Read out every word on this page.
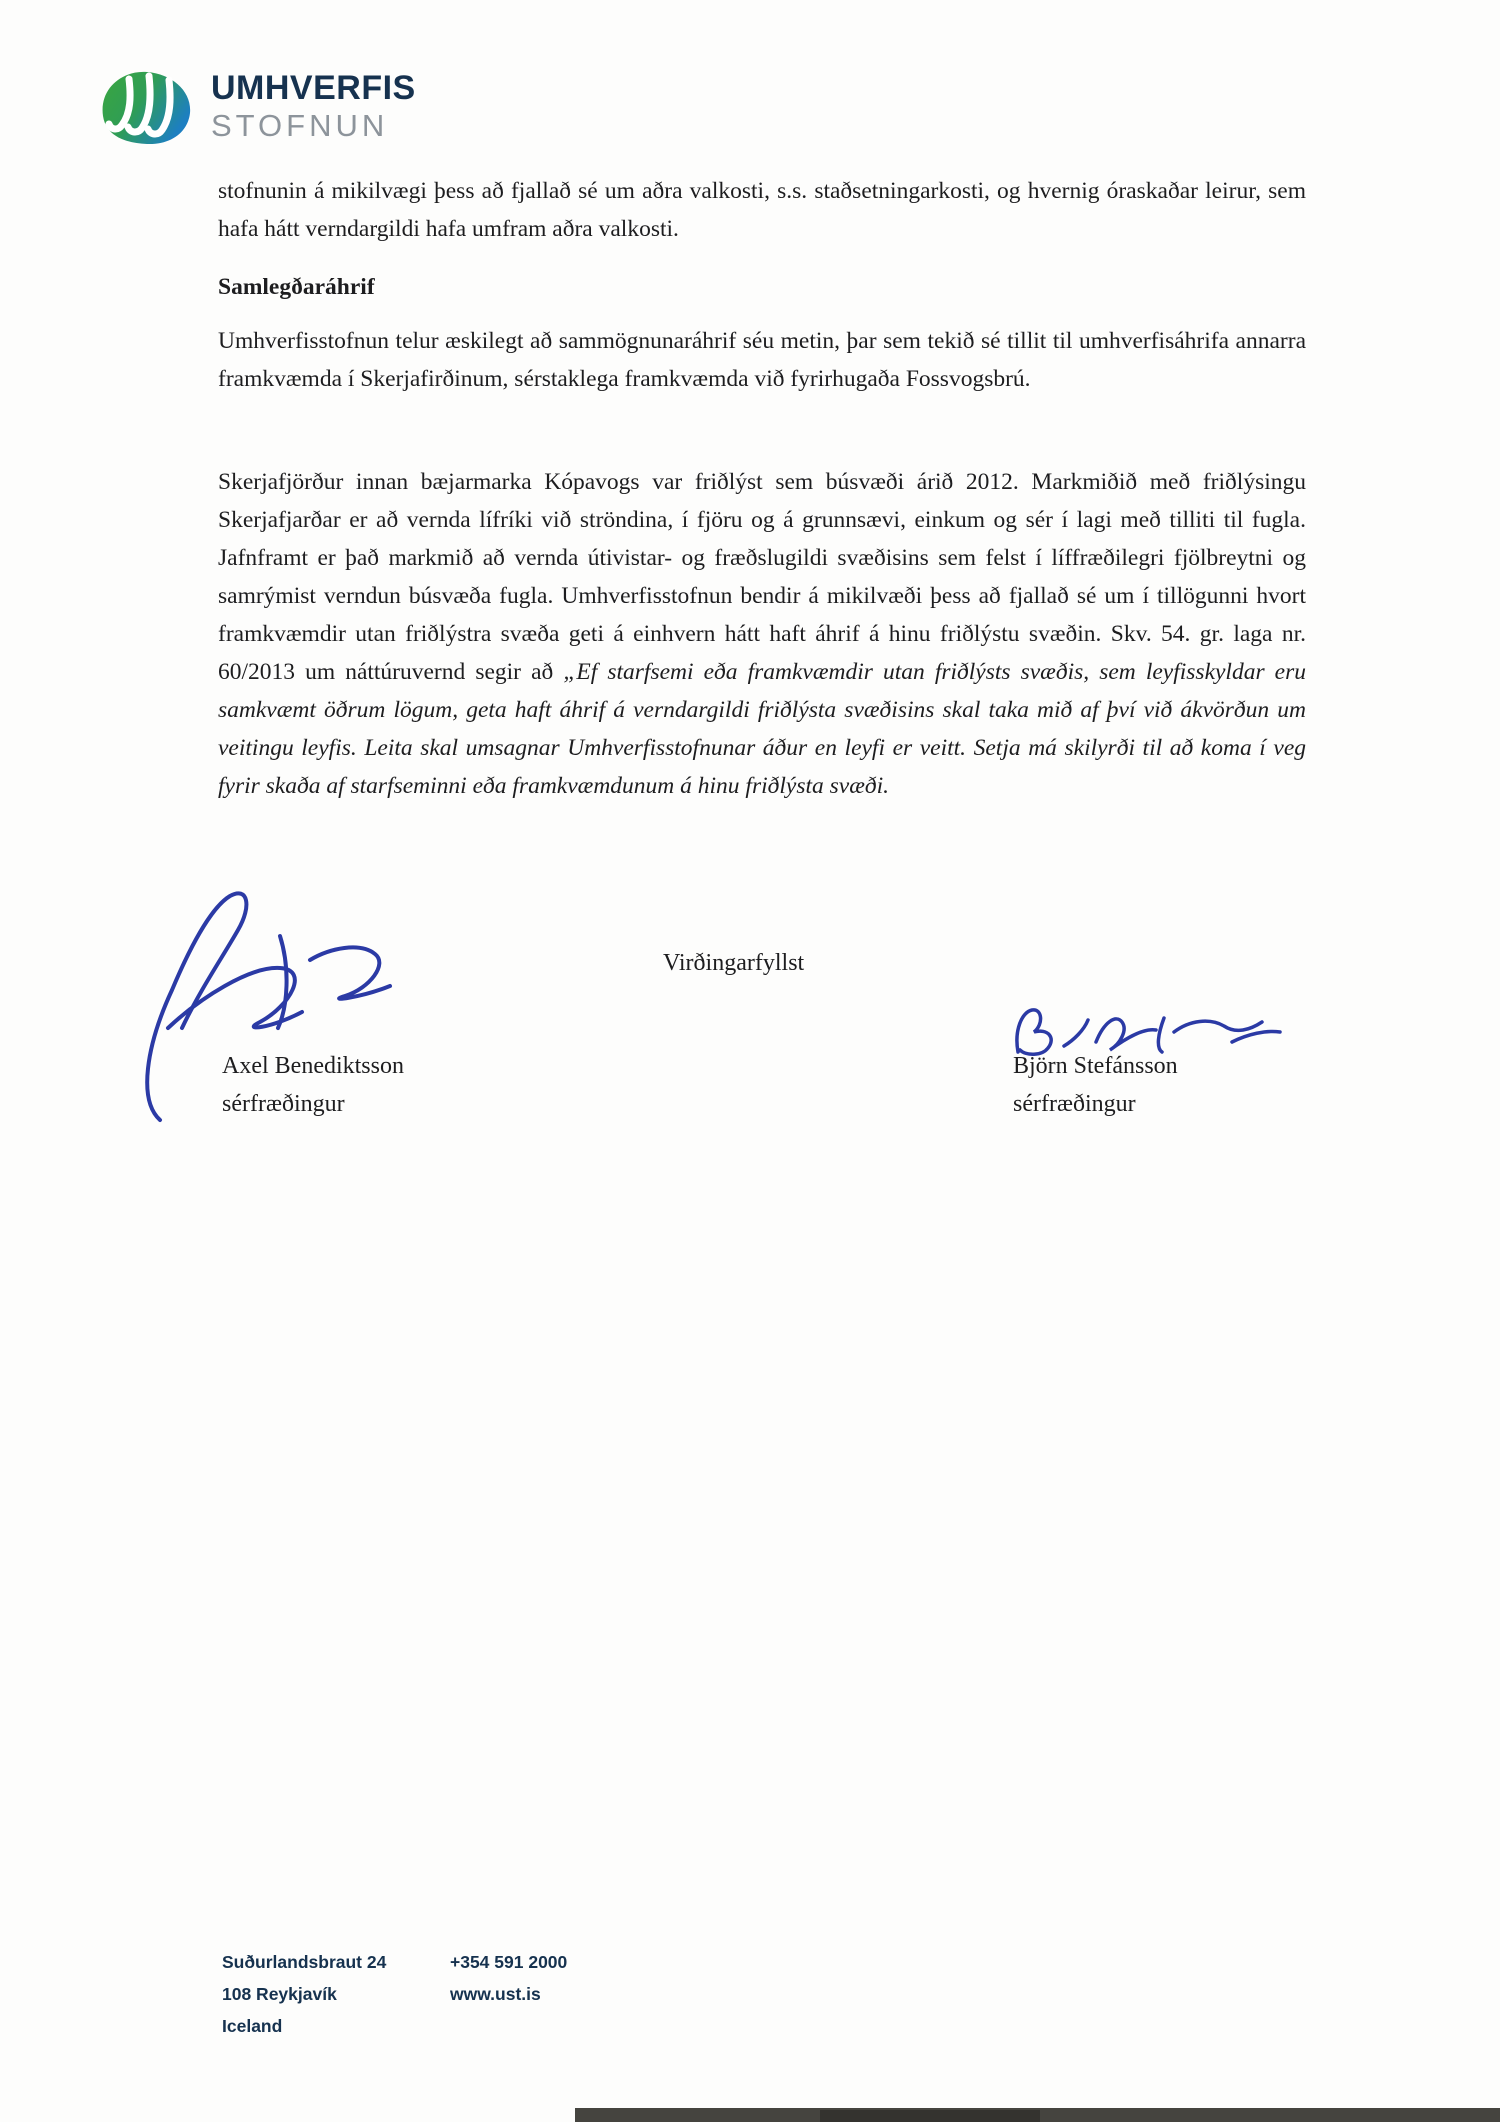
UMHVERFIS
STOFNUN

stofnunin á mikilvægi þess að fjallað sé um aðra valkosti, s.s. staðsetningarkosti, og hvernig óraskaðar leirur, sem hafa hátt verndargildi hafa umfram aðra valkosti.

Samlegðaráhrif

Umhverfisstofnun telur æskilegt að sammögnunaráhrif séu metin, þar sem tekið sé tillit til umhverfisáhrifa annarra framkvæmda í Skerjafirðinum, sérstaklega framkvæmda við fyrirhugaða Fossvogsbrú.

Skerjafjörður innan bæjarmarka Kópavogs var friðlýst sem búsvæði árið 2012. Markmiðið með friðlýsingu Skerjafjarðar er að vernda lífríki við ströndina, í fjöru og á grunnsævi, einkum og sér í lagi með tilliti til fugla. Jafnframt er það markmið að vernda útivistar- og fræðslugildi svæðisins sem felst í líffræðilegri fjölbreytni og samrýmist verndun búsvæða fugla. Umhverfisstofnun bendir á mikilvæði þess að fjallað sé um í tillögunni hvort framkvæmdir utan friðlýstra svæða geti á einhvern hátt haft áhrif á hinu friðlýstu svæðin. Skv. 54. gr. laga nr. 60/2013 um náttúruvernd segir að „Ef starfsemi eða framkvæmdir utan friðlýsts svæðis, sem leyfisskyldar eru samkvæmt öðrum lögum, geta haft áhrif á verndargildi friðlýsta svæðisins skal taka mið af því við ákvörðun um veitingu leyfis. Leita skal umsagnar Umhverfisstofnunar áður en leyfi er veitt. Setja má skilyrði til að koma í veg fyrir skaða af starfseminni eða framkvæmdunum á hinu friðlýsta svæði.

Virðingarfyllst
Axel Benediktsson
sérfræðingur
Björn Stefánsson
sérfræðingur
Suðurlandsbraut 24
108 Reykjavík
Iceland
+354 591 2000
www.ust.is
